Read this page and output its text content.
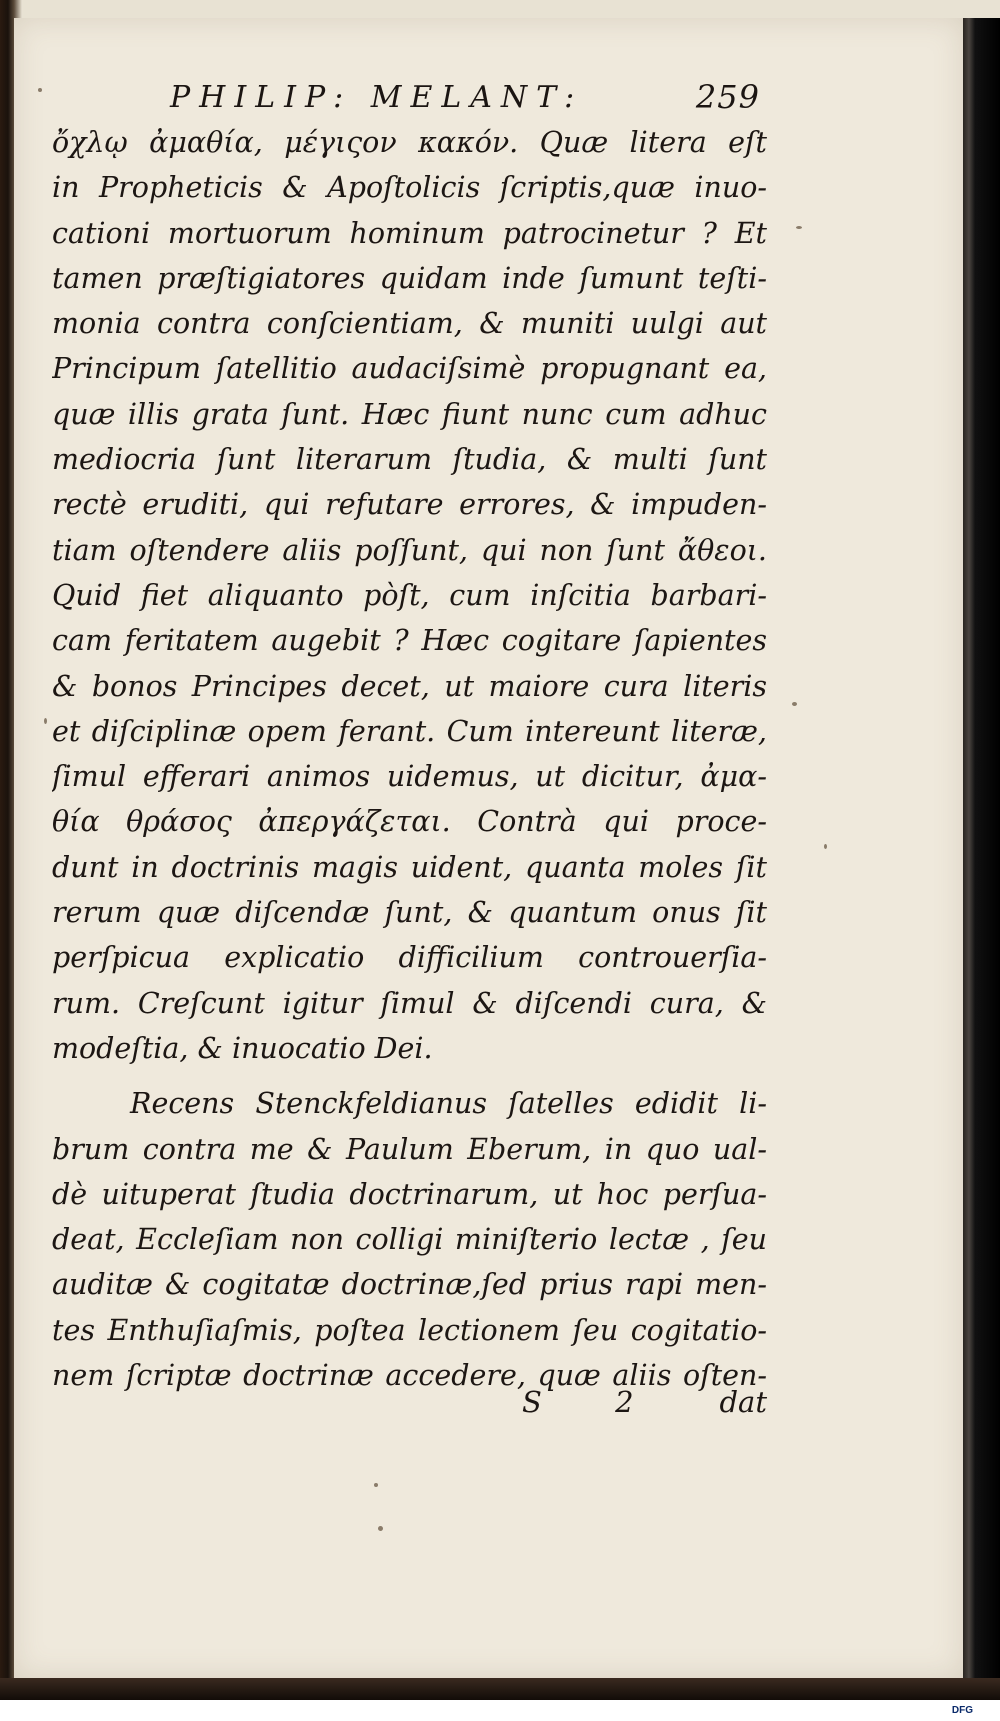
PHILIP: MELANT:	259
ὄχλῳ ἀμαθία, μέγιςον κακόν. Quæ litera eſt
in Propheticis & Apoſtolicis ſcriptis,quæ inuo-
cationi mortuorum hominum patrocinetur ? Et
tamen præſtigiatores quidam inde ſumunt teſti-
monia contra conſcientiam, & muniti uulgi aut
Principum ſatellitio audaciſsimè propugnant ea,
quæ illis grata ſunt. Hæc fiunt nunc cum adhuc
mediocria ſunt literarum ſtudia, & multi ſunt
rectè eruditi, qui refutare errores, & impuden-
tiam oſtendere aliis poſſunt, qui non ſunt ἄθεοι.
Quid fiet aliquanto pòſt, cum inſcitia barbari-
cam feritatem augebit ? Hæc cogitare ſapientes
& bonos Principes decet, ut maiore cura literis
et diſciplinæ opem ferant. Cum intereunt literæ,
ſimul efferari animos uidemus, ut dicitur, ἀμα-
θία θράσος ἀπεργάζεται. Contrà qui proce-
dunt in doctrinis magis uident, quanta moles ſit
rerum quæ diſcendæ ſunt, & quantum onus ſit
perſpicua explicatio difficilium controuerſia-
rum. Creſcunt igitur ſimul & diſcendi cura, &
modeſtia, & inuocatio Dei.
Recens Stenckfeldianus ſatelles edidit li-
brum contra me & Paulum Eberum, in quo ual-
dè uituperat ſtudia doctrinarum, ut hoc perſua-
deat, Eccleſiam non colligi miniſterio lectæ , ſeu
auditæ & cogitatæ doctrinæ,ſed prius rapi men-
tes Enthuſiaſmis, poſtea lectionem ſeu cogitatio-
nem ſcriptæ doctrinæ accedere, quæ aliis oſten-
S 2 dat
Digitalisierung gefördert durch die Deutsche Forschungsgemeinschaft - DFG
